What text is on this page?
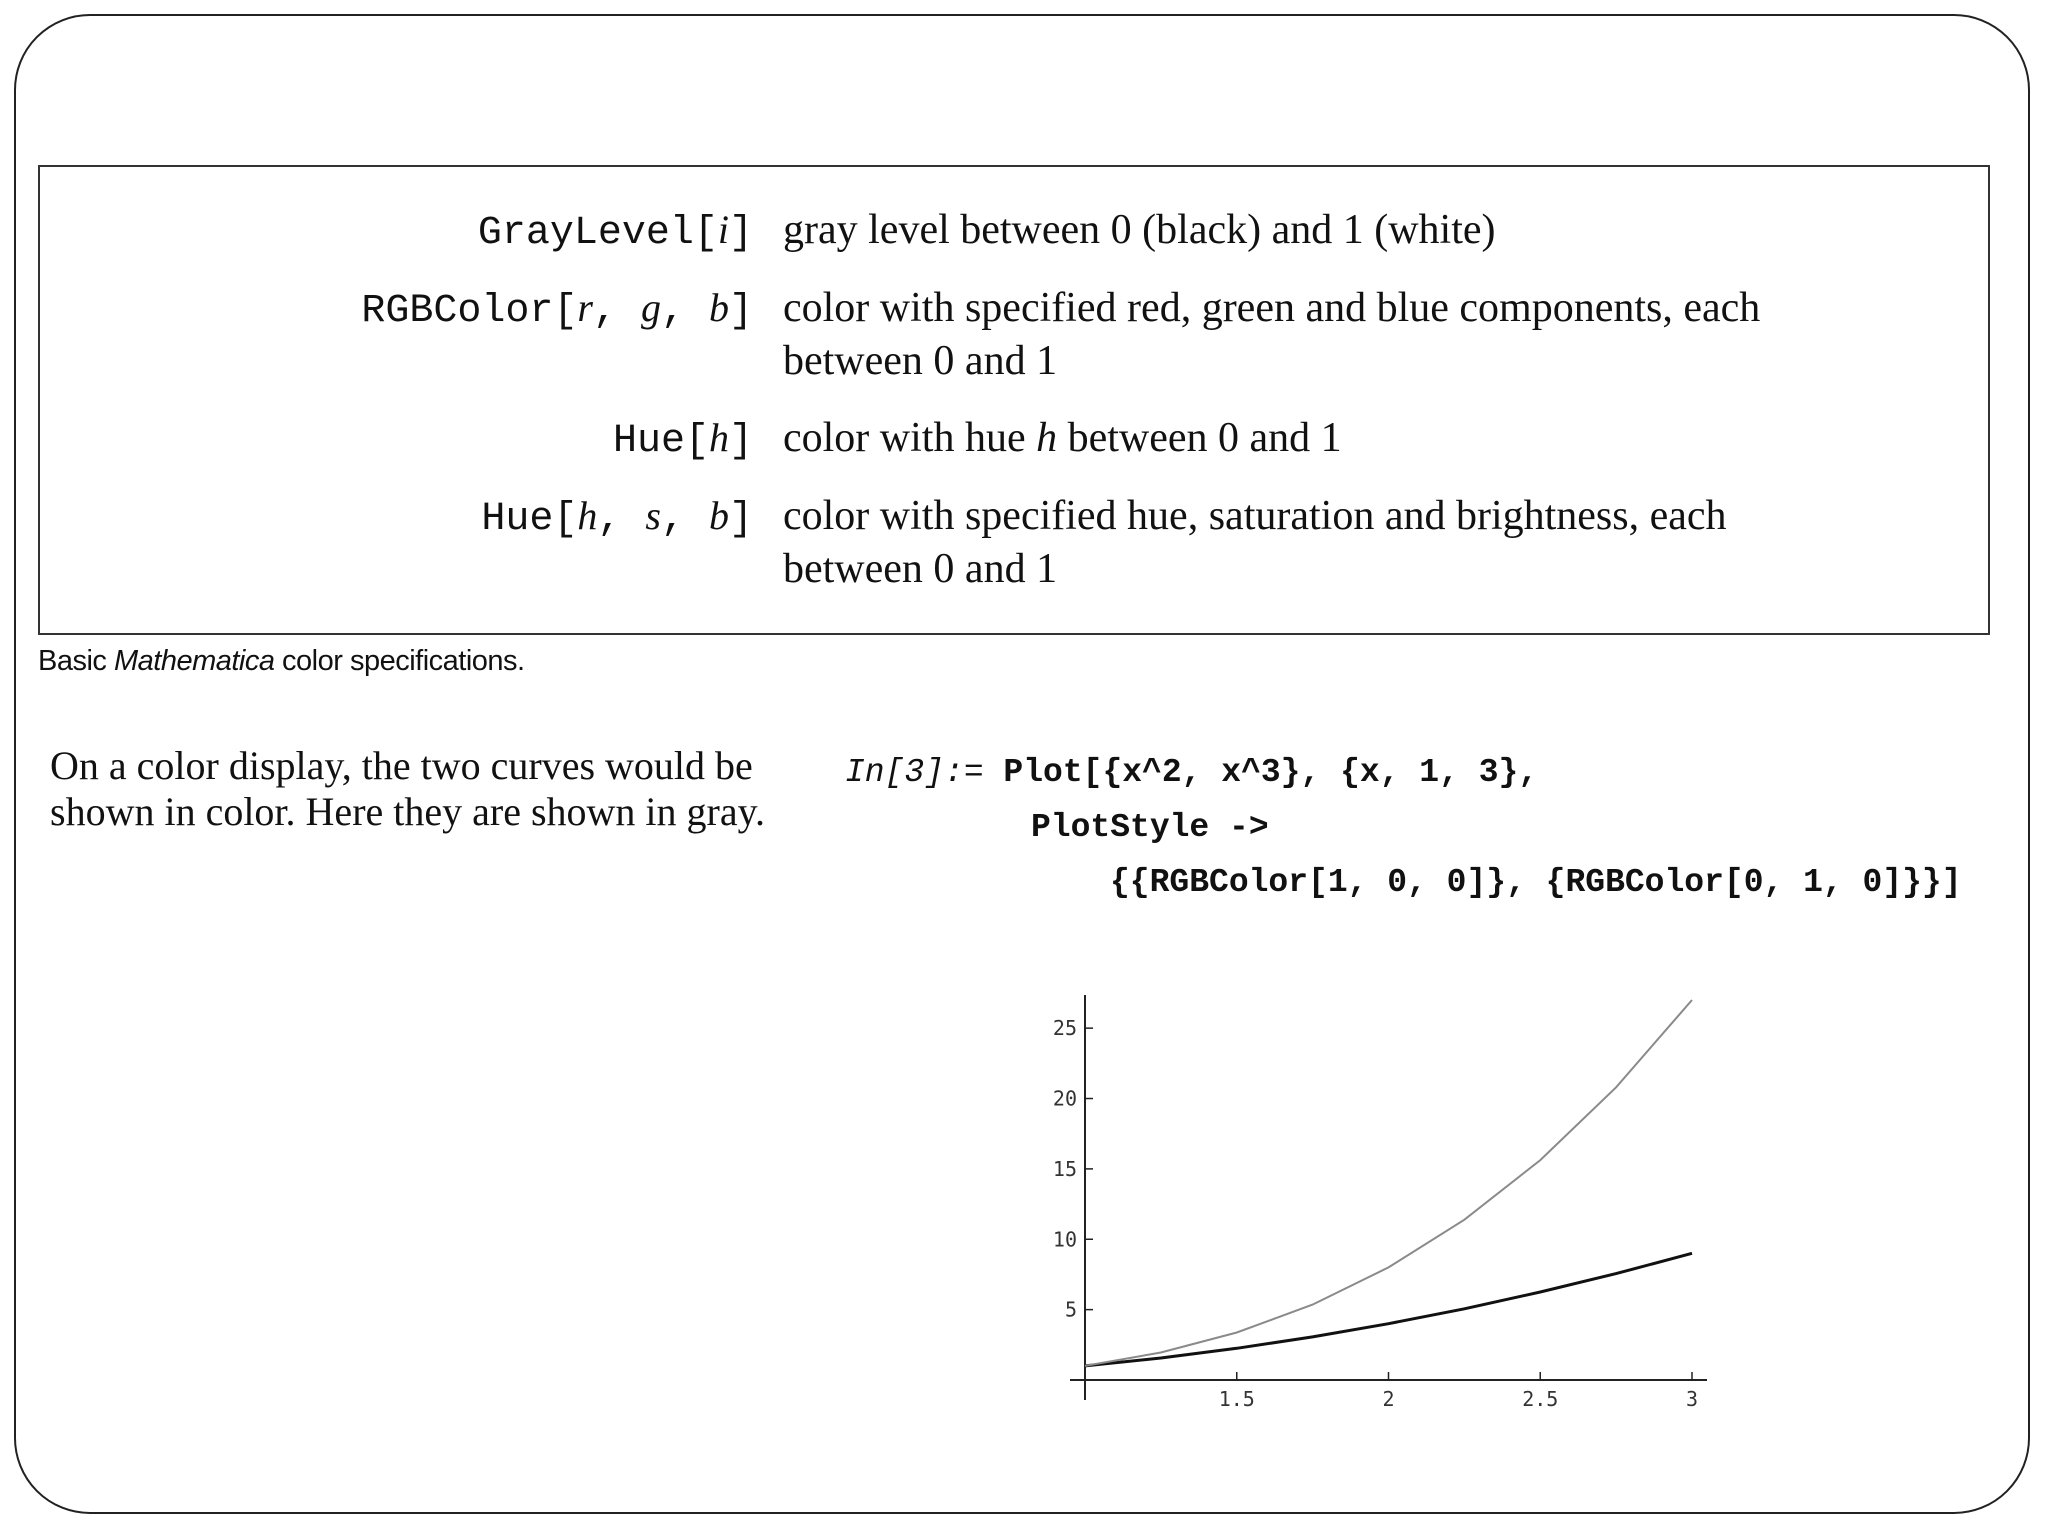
GrayLevel[i] gray level between 0 (black) and 1 (white)
RGBColor[r, g, b] color with specified red, green and blue components, each
between 0 and 1
Hue[h] color with hue h between 0 and 1
Hue[h, s, b] color with specified hue, saturation and brightness, each
between 0 and 1
Basic Mathematica color specifications.
On a color display, the two curves would be shown in color. Here they are shown in gray.
In[3]:= Plot[{x^2, x^3}, {x, 1, 3},
PlotStyle ->
{{RGBColor[1, 0, 0]}, {RGBColor[0, 1, 0]}}]
1.5	2	2.5	3
5
10
15
20
25
